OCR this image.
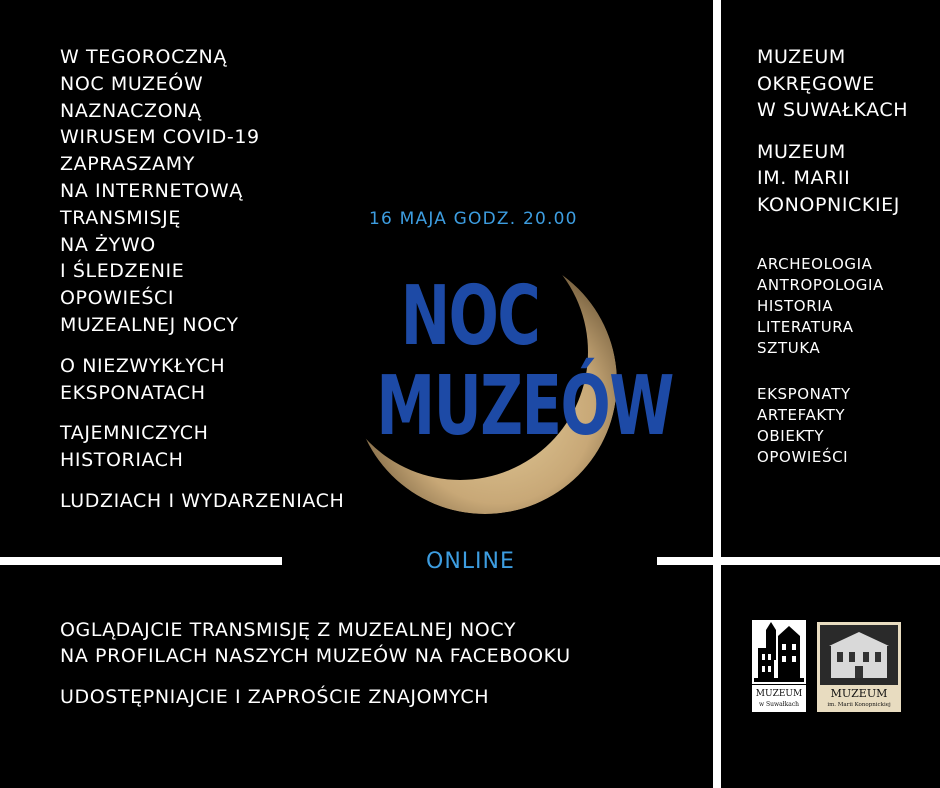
W TEGOROCZNĄ
NOC MUZEÓW
NAZNACZONĄ
WIRUSEM COVID-19
ZAPRASZAMY
NA INTERNETOWĄ
TRANSMISJĘ
NA ŻYWO
I ŚLEDZENIE
OPOWIEŚCI
MUZEALNEJ NOCY
O NIEZWYKŁYCH
EKSPONATACH
TAJEMNICZYCH
HISTORIACH
LUDZIACH I WYDARZENIACH
16 MAJA GODZ. 20.00
NOC
MUZEÓW
ONLINE
MUZEUM
OKRĘGOWE
W SUWAŁKACH
MUZEUM
IM. MARII
KONOPNICKIEJ
ARCHEOLOGIA
ANTROPOLOGIA
HISTORIA
LITERATURA
SZTUKA
EKSPONATY
ARTEFAKTY
OBIEKTY
OPOWIEŚCI
OGLĄDAJCIE TRANSMISJĘ Z MUZEALNEJ NOCY
NA PROFILACH NASZYCH MUZEÓW NA FACEBOOKU
UDOSTĘPNIAJCIE I ZAPROŚCIE ZNAJOMYCH	MUZEUM
w Suwałkach
MUZEUM
im. Marii Konopnickiej
